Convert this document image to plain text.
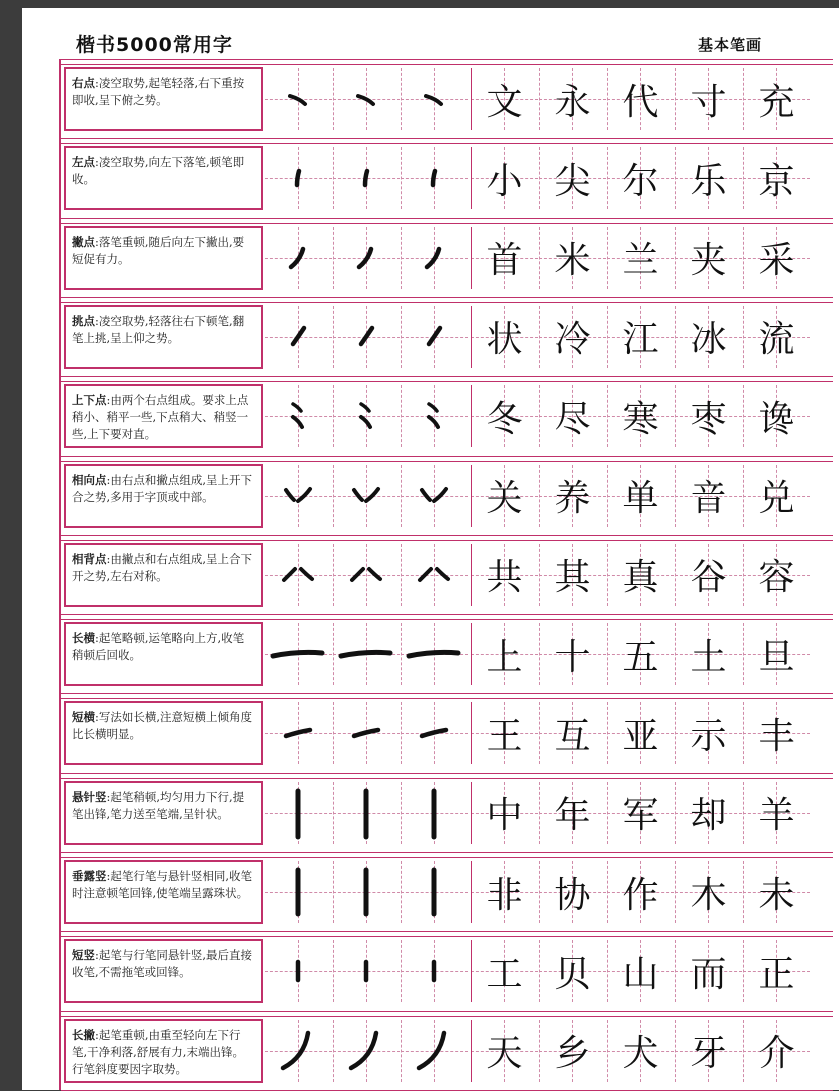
楷书5000常用字	基本笔画
右点:凌空取势,起笔轻落,右下重按即收,呈下俯之势。	文 永 代 寸 充
左点:凌空取势,向左下落笔,顿笔即收。	小 尖 尔 乐 京
撇点:落笔重顿,随后向左下撇出,要短促有力。	首 米 兰 夹 采
挑点:凌空取势,轻落往右下顿笔,翻笔上挑,呈上仰之势。	状 冷 江 冰 流
上下点:由两个右点组成。要求上点稍小、稍平一些,下点稍大、稍竖一些,上下要对直。	冬 尽 寒 枣 谗
相向点:由右点和撇点组成,呈上开下合之势,多用于字顶或中部。	关 养 单 音 兑
相背点:由撇点和右点组成,呈上合下开之势,左右对称。	共 其 真 谷 容
长横:起笔略顿,运笔略向上方,收笔稍顿后回收。	上 十 五 土 旦
短横:写法如长横,注意短横上倾角度比长横明显。	王 互 亚 示 丰
悬针竖:起笔稍顿,均匀用力下行,提笔出锋,笔力送至笔端,呈针状。	中 年 军 却 羊
垂露竖:起笔行笔与悬针竖相同,收笔时注意顿笔回锋,使笔端呈露珠状。	非 协 作 木 未
短竖:起笔与行笔同悬针竖,最后直接收笔,不需拖笔或回锋。	工 贝 山 而 正
长撇:起笔重顿,由重至轻向左下行笔,干净利落,舒展有力,末端出锋。行笔斜度要因字取势。	天 乡 犬 牙 介
